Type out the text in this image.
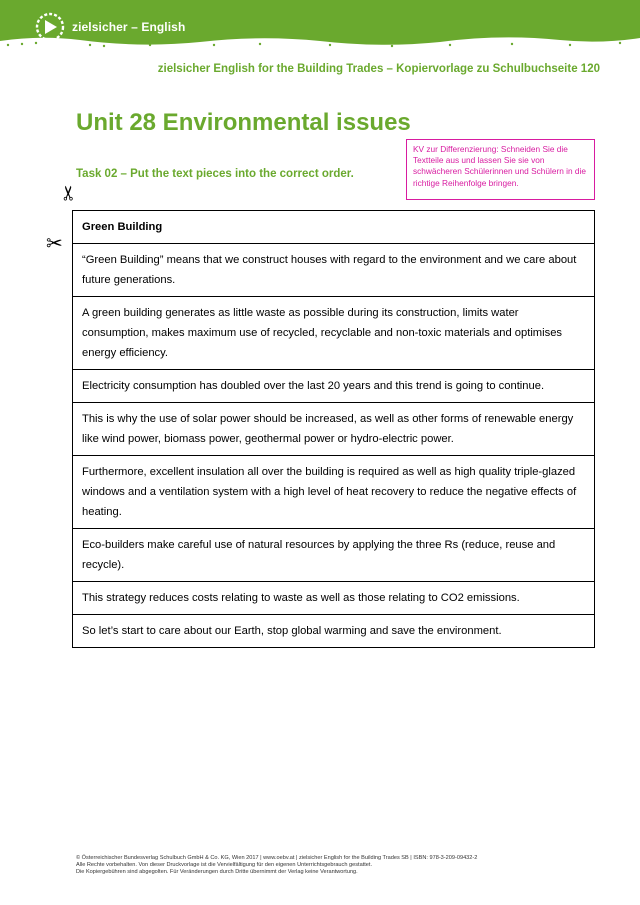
zielsicher – English
zielsicher English for the Building Trades – Kopiervorlage zu Schulbuchseite 120
Unit 28 Environmental issues
Task 02 – Put the text pieces into the correct order.
KV zur Differenzierung: Schneiden Sie die Textteile aus und lassen Sie sie von schwächeren Schülerinnen und Schülern in die richtige Reihenfolge bringen.
✂
✂
Green Building
“Green Building” means that we construct houses with regard to the environment and we care about future generations.
A green building generates as little waste as possible during its construction, limits water consumption, makes maximum use of recycled, recyclable and non-toxic materials and optimises energy efficiency.
Electricity consumption has doubled over the last 20 years and this trend is going to continue.
This is why the use of solar power should be increased, as well as other forms of renewable energy like wind power, biomass power, geothermal power or hydro-electric power.
Furthermore, excellent insulation all over the building is required as well as high quality triple-glazed windows and a ventilation system with a high level of heat recovery to reduce the negative effects of heating.
Eco-builders make careful use of natural resources by applying the three Rs (reduce, reuse and recycle).
This strategy reduces costs relating to waste as well as those relating to CO2 emissions.
So let’s start to care about our Earth, stop global warming and save the environment.
© Österreichischer Bundesverlag Schulbuch GmbH & Co. KG, Wien 2017 | www.oebv.at | zielsicher English for the Building Trades SB | ISBN: 978-3-209-09432-2
Alle Rechte vorbehalten. Von dieser Druckvorlage ist die Vervielfältigung für den eigenen Unterrichtsgebrauch gestattet.
Die Kopiergebühren sind abgegolten. Für Veränderungen durch Dritte übernimmt der Verlag keine Verantwortung.
